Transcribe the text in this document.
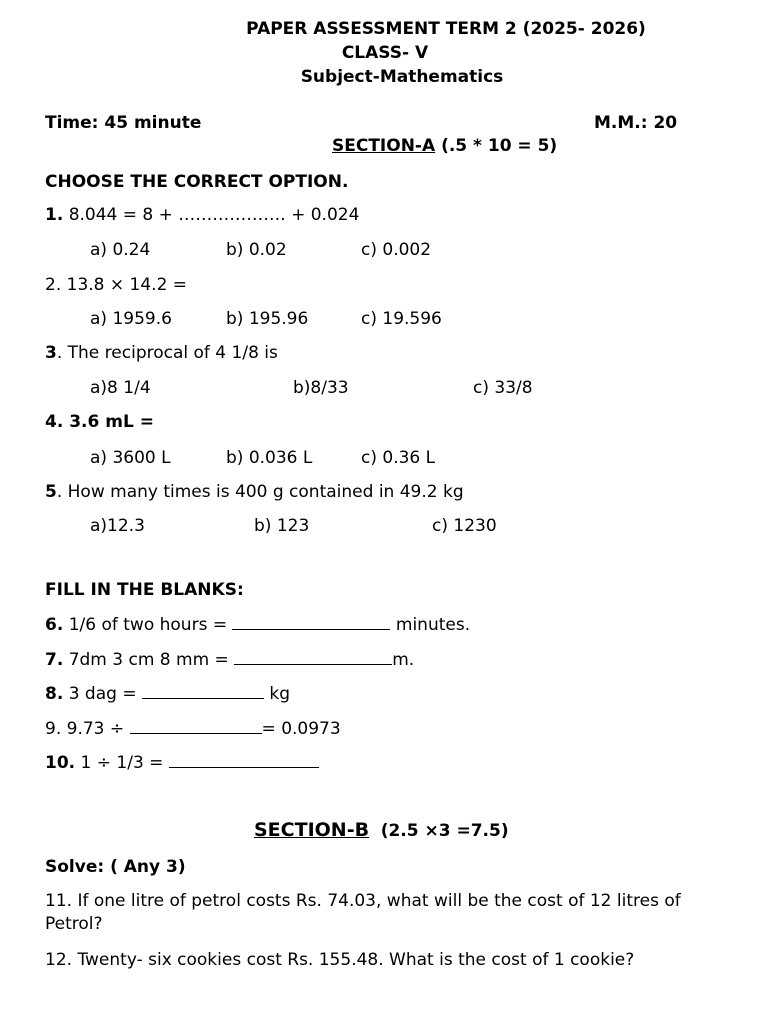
PAPER ASSESSMENT TERM 2 (2025- 2026)
CLASS- V
Subject-Mathematics
Time: 45 minute	M.M.: 20
SECTION-A (.5 * 10 = 5)
CHOOSE THE CORRECT OPTION.
1. 8.044 = 8 + ………………. + 0.024
a) 0.24	b) 0.02	c) 0.002
2. 13.8 × 14.2 =
a) 1959.6	b) 195.96	c) 19.596
3. The reciprocal of 4 1/8 is
a)8 1/4	b)8/33	c) 33/8
4. 3.6 mL =
a) 3600 L	b) 0.036 L	c) 0.36 L
5. How many times is 400 g contained in 49.2 kg
a)12.3	b) 123	c) 1230
FILL IN THE BLANKS:
6. 1/6 of two hours =	minutes.
7. 7dm 3 cm 8 mm =	m.
8. 3 dag =	kg
9. 9.73 ÷	= 0.0973
10. 1 ÷ 1/3 =
SECTION-B (2.5 ×3 =7.5)
Solve: ( Any 3)
11. If one litre of petrol costs Rs. 74.03, what will be the cost of 12 litres of
Petrol?
12. Twenty- six cookies cost Rs. 155.48. What is the cost of 1 cookie?
